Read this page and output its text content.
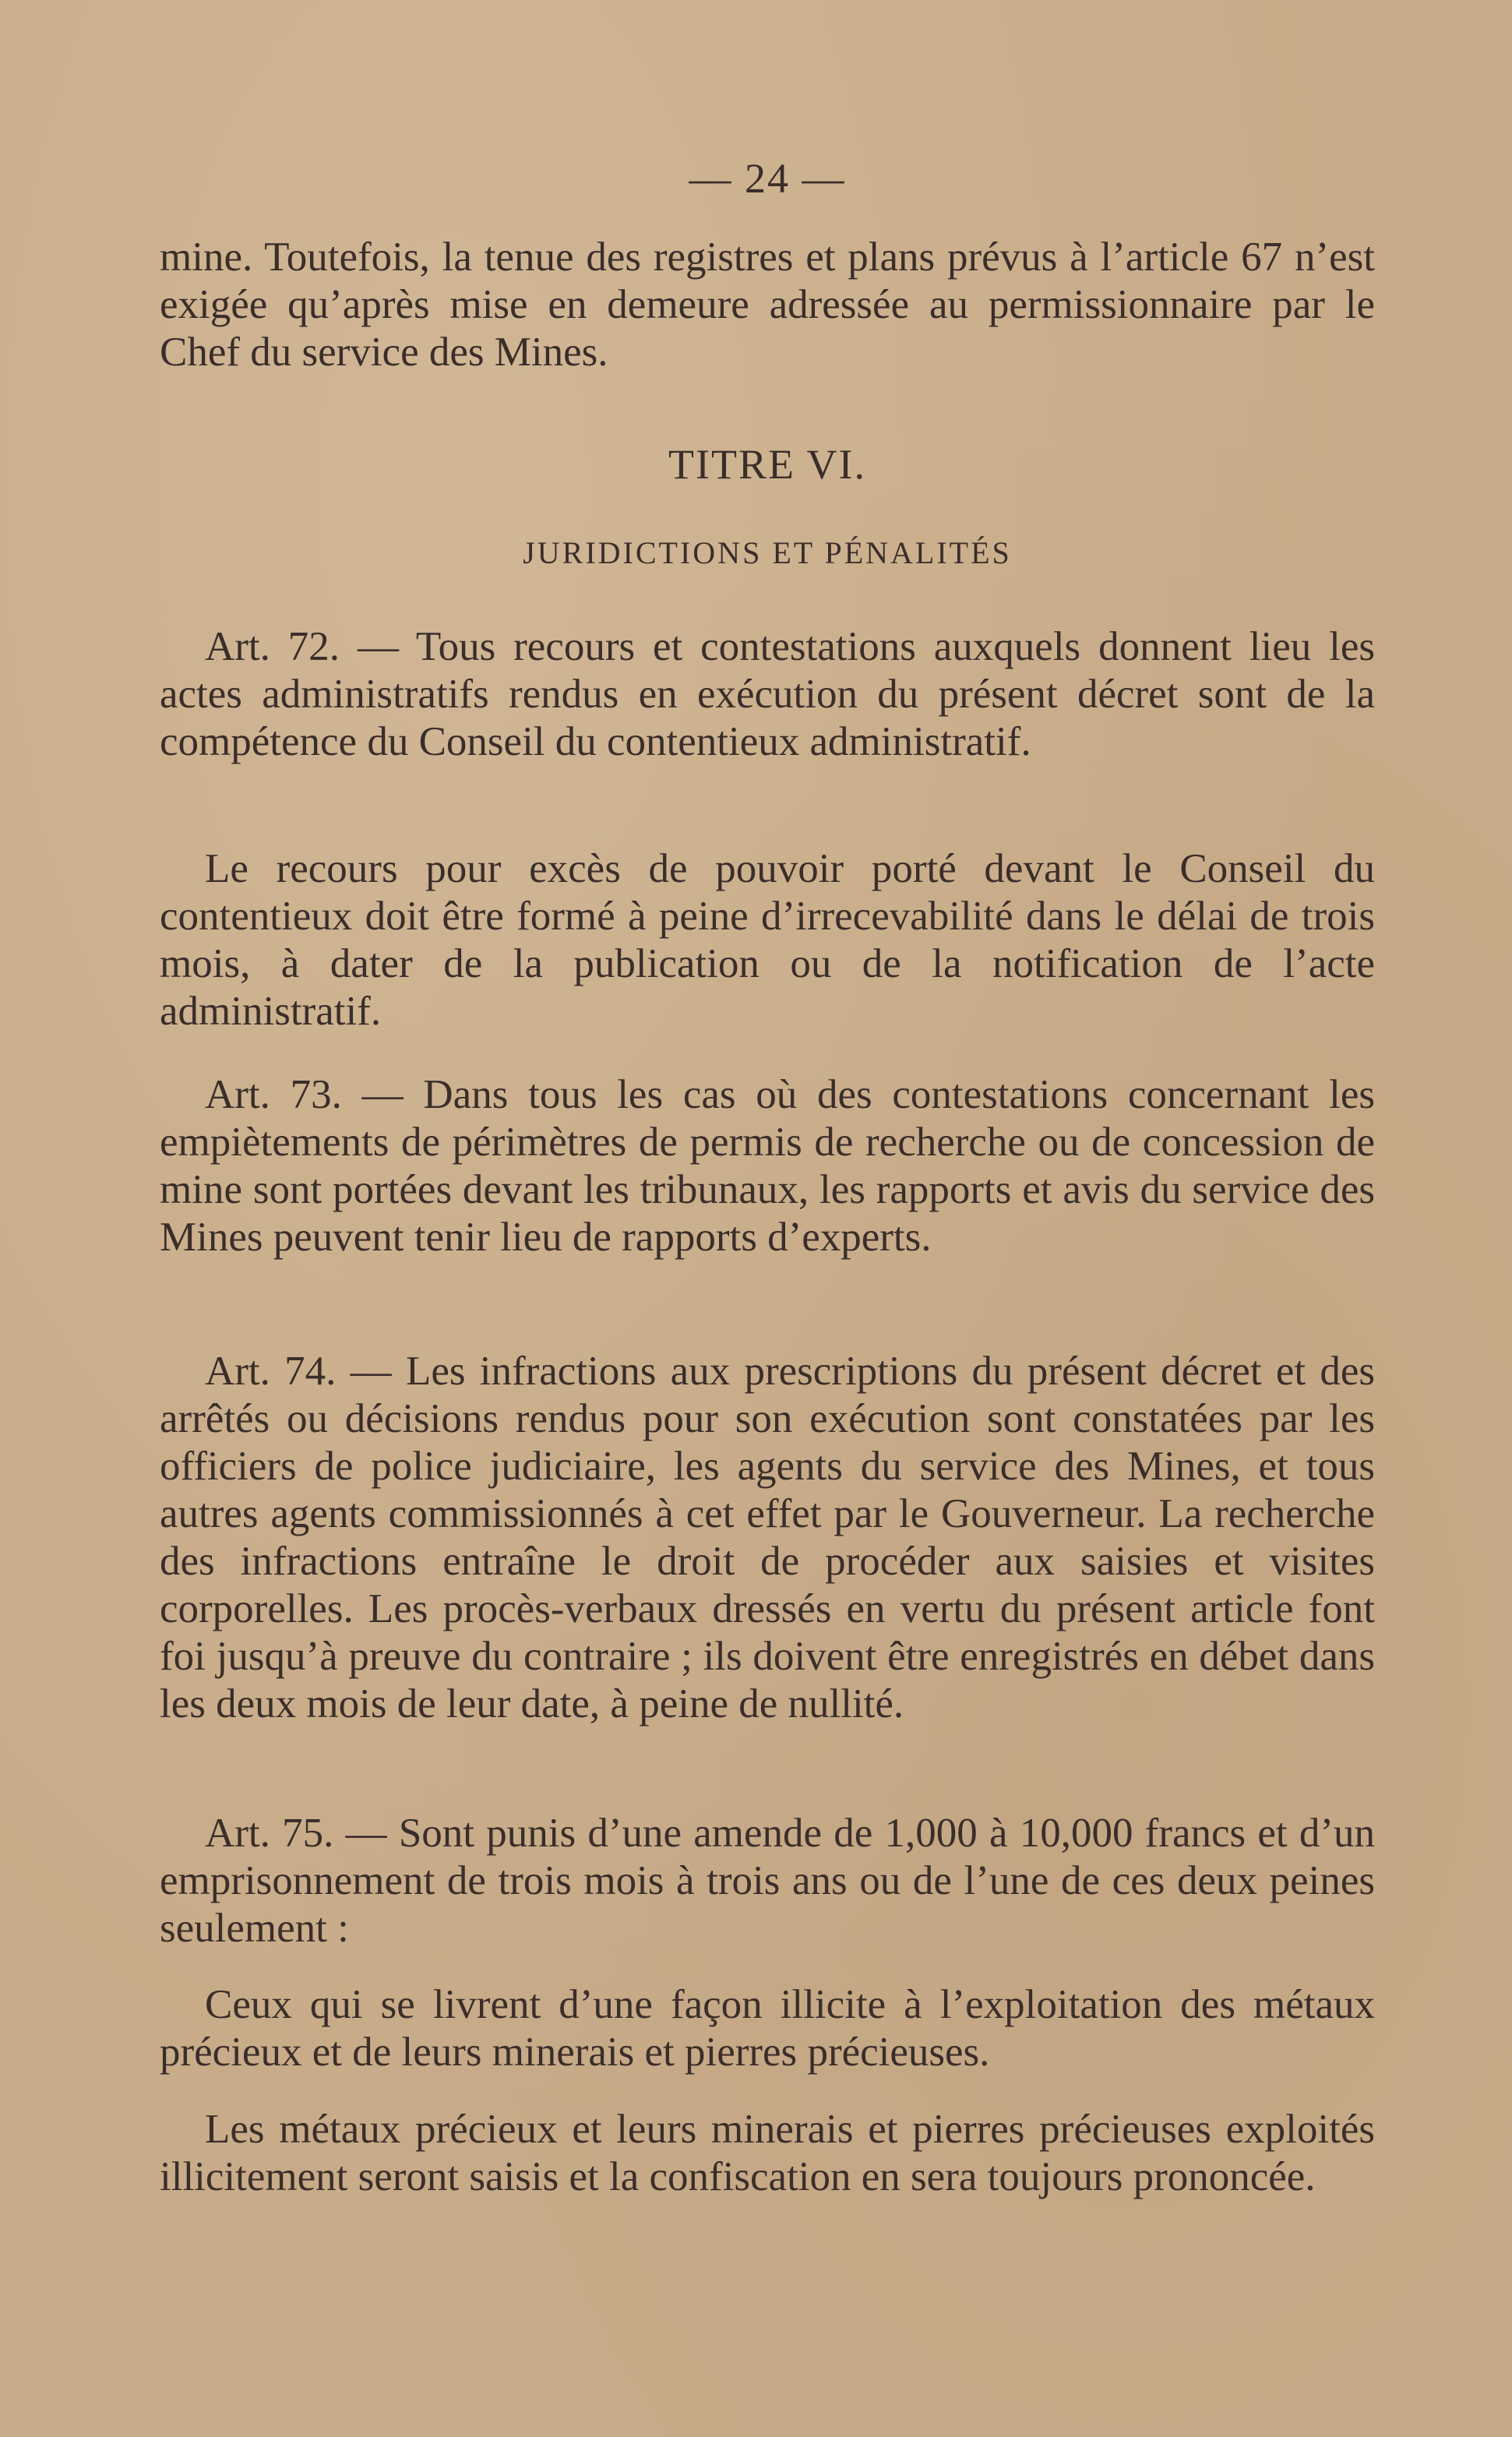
— 24 —

mine. Toutefois, la tenue des registres et plans prévus à l’article 67 n’est exigée qu’après mise en demeure adressée au permissionnaire par le Chef du service des Mines.

TITRE VI.
JURIDICTIONS ET PÉNALITÉS

Art. 72. — Tous recours et contestations auxquels donnent lieu les actes administratifs rendus en exécution du présent décret sont de la compétence du Conseil du contentieux administratif.

Le recours pour excès de pouvoir porté devant le Conseil du contentieux doit être formé à peine d’irrecevabilité dans le délai de trois mois, à dater de la publication ou de la notification de l’acte administratif.

Art. 73. — Dans tous les cas où des contestations concernant les empiètements de périmètres de permis de recherche ou de concession de mine sont portées devant les tribunaux, les rapports et avis du service des Mines peuvent tenir lieu de rapports d’experts.

Art. 74. — Les infractions aux prescriptions du présent décret et des arrêtés ou décisions rendus pour son exécution sont constatées par les officiers de police judiciaire, les agents du service des Mines, et tous autres agents commissionnés à cet effet par le Gouverneur. La recherche des infractions entraîne le droit de procéder aux saisies et visites corporelles. Les procès-verbaux dressés en vertu du présent article font foi jusqu’à preuve du contraire ; ils doivent être enregistrés en débet dans les deux mois de leur date, à peine de nullité.

Art. 75. — Sont punis d’une amende de 1,000 à 10,000 francs et d’un emprisonnement de trois mois à trois ans ou de l’une de ces deux peines seulement :

Ceux qui se livrent d’une façon illicite à l’exploitation des métaux précieux et de leurs minerais et pierres précieuses.

Les métaux précieux et leurs minerais et pierres précieuses exploités illicitement seront saisis et la confiscation en sera toujours prononcée.
